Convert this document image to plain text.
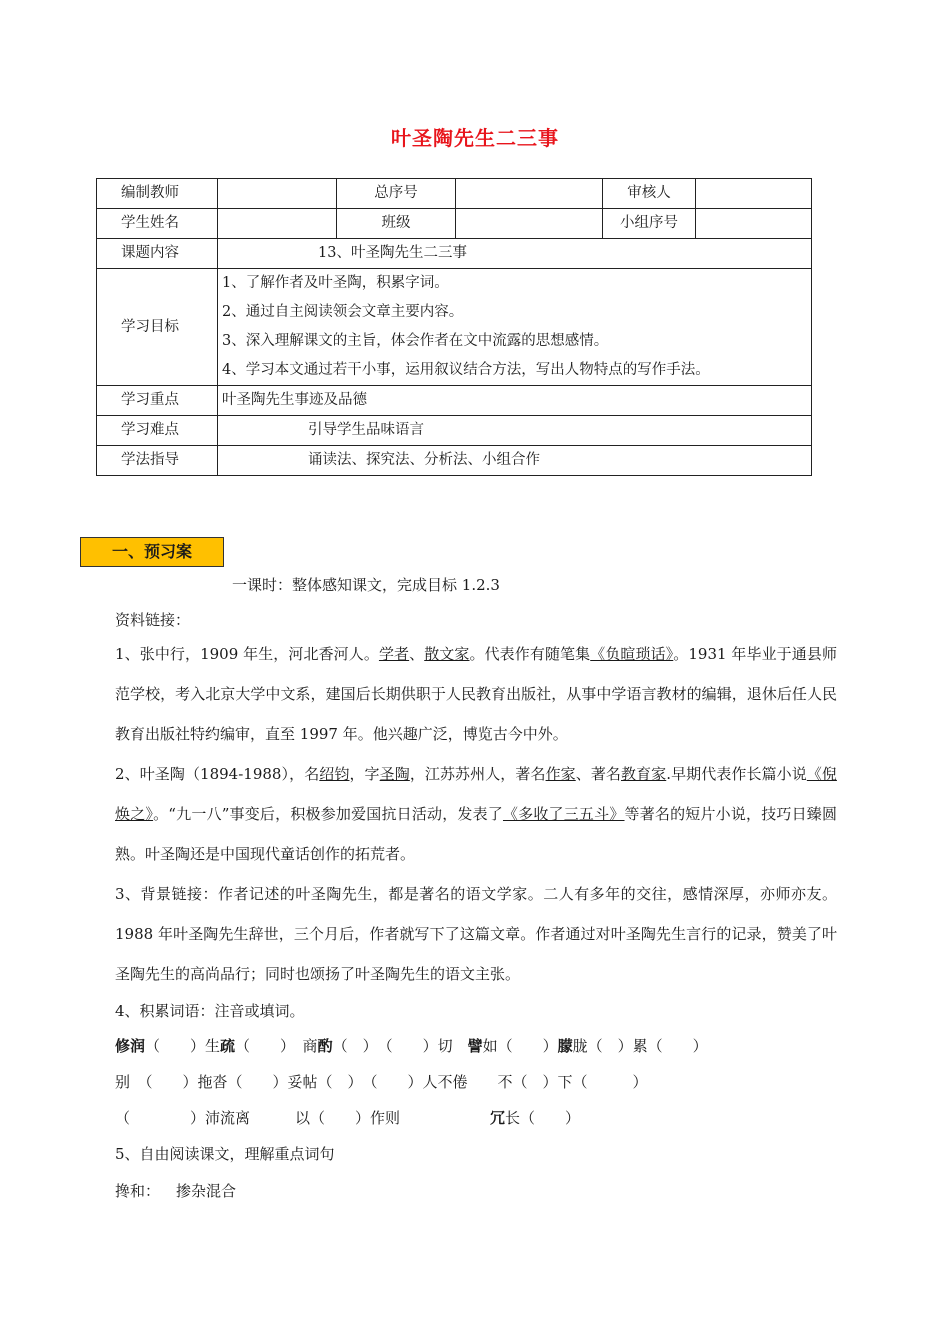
叶圣陶先生二三事
编制教师		总序号		审核人	
学生姓名		班级		小组序号	
课题内容	13、叶圣陶先生二三事				
学习目标	1、了解作者及叶圣陶，积累字词。
2、通过自主阅读领会文章主要内容。
3、深入理解课文的主旨，体会作者在文中流露的思想感情。
4、学习本文通过若干小事，运用叙议结合方法，写出人物特点的写作手法。				

学习重点	叶圣陶先生事迹及品德				
学习难点	引导学生品味语言				
学法指导	诵读法、探究法、分析法、小组合作				
一、预习案
一课时：整体感知课文，完成目标 1.2.3
资料链接：
1、张中行，1909 年生，河北香河人。学者、散文家。代表作有随笔集《负暄琐话》。1931 年毕业于通县师范学校，考入北京大学中文系，建国后长期供职于人民教育出版社，从事中学语言教材的编辑，退休后任人民教育出版社特约编审，直至 1997 年。他兴趣广泛，博览古今中外。
2、叶圣陶（1894-1988），名绍钧，字圣陶，江苏苏州人，著名作家、著名教育家.早期代表作长篇小说《倪焕之》。“九一八”事变后，积极参加爱国抗日活动，发表了《多收了三五斗》等著名的短片小说，技巧日臻圆熟。叶圣陶还是中国现代童话创作的拓荒者。
3、背景链接：作者记述的叶圣陶先生，都是著名的语文学家。二人有多年的交往，感情深厚，亦师亦友。1988 年叶圣陶先生辞世，三个月后，作者就写下了这篇文章。作者通过对叶圣陶先生言行的记录，赞美了叶圣陶先生的高尚品行；同时也颂扬了叶圣陶先生的语文主张。
4、积累词语：注音或填词。
修润（　　）生疏（　　）　商酌（　）　（　　）切　 譬如（　　）朦胧（　）累（　　）
别　（　　）拖沓（　　）妥帖（　）　（　　）人不倦　　不（　）下（　　　）
（　　　　）沛流离　　　以（　　）作则	冗长（　　）
5、自由阅读课文，理解重点词句
搀和： 掺杂混合
